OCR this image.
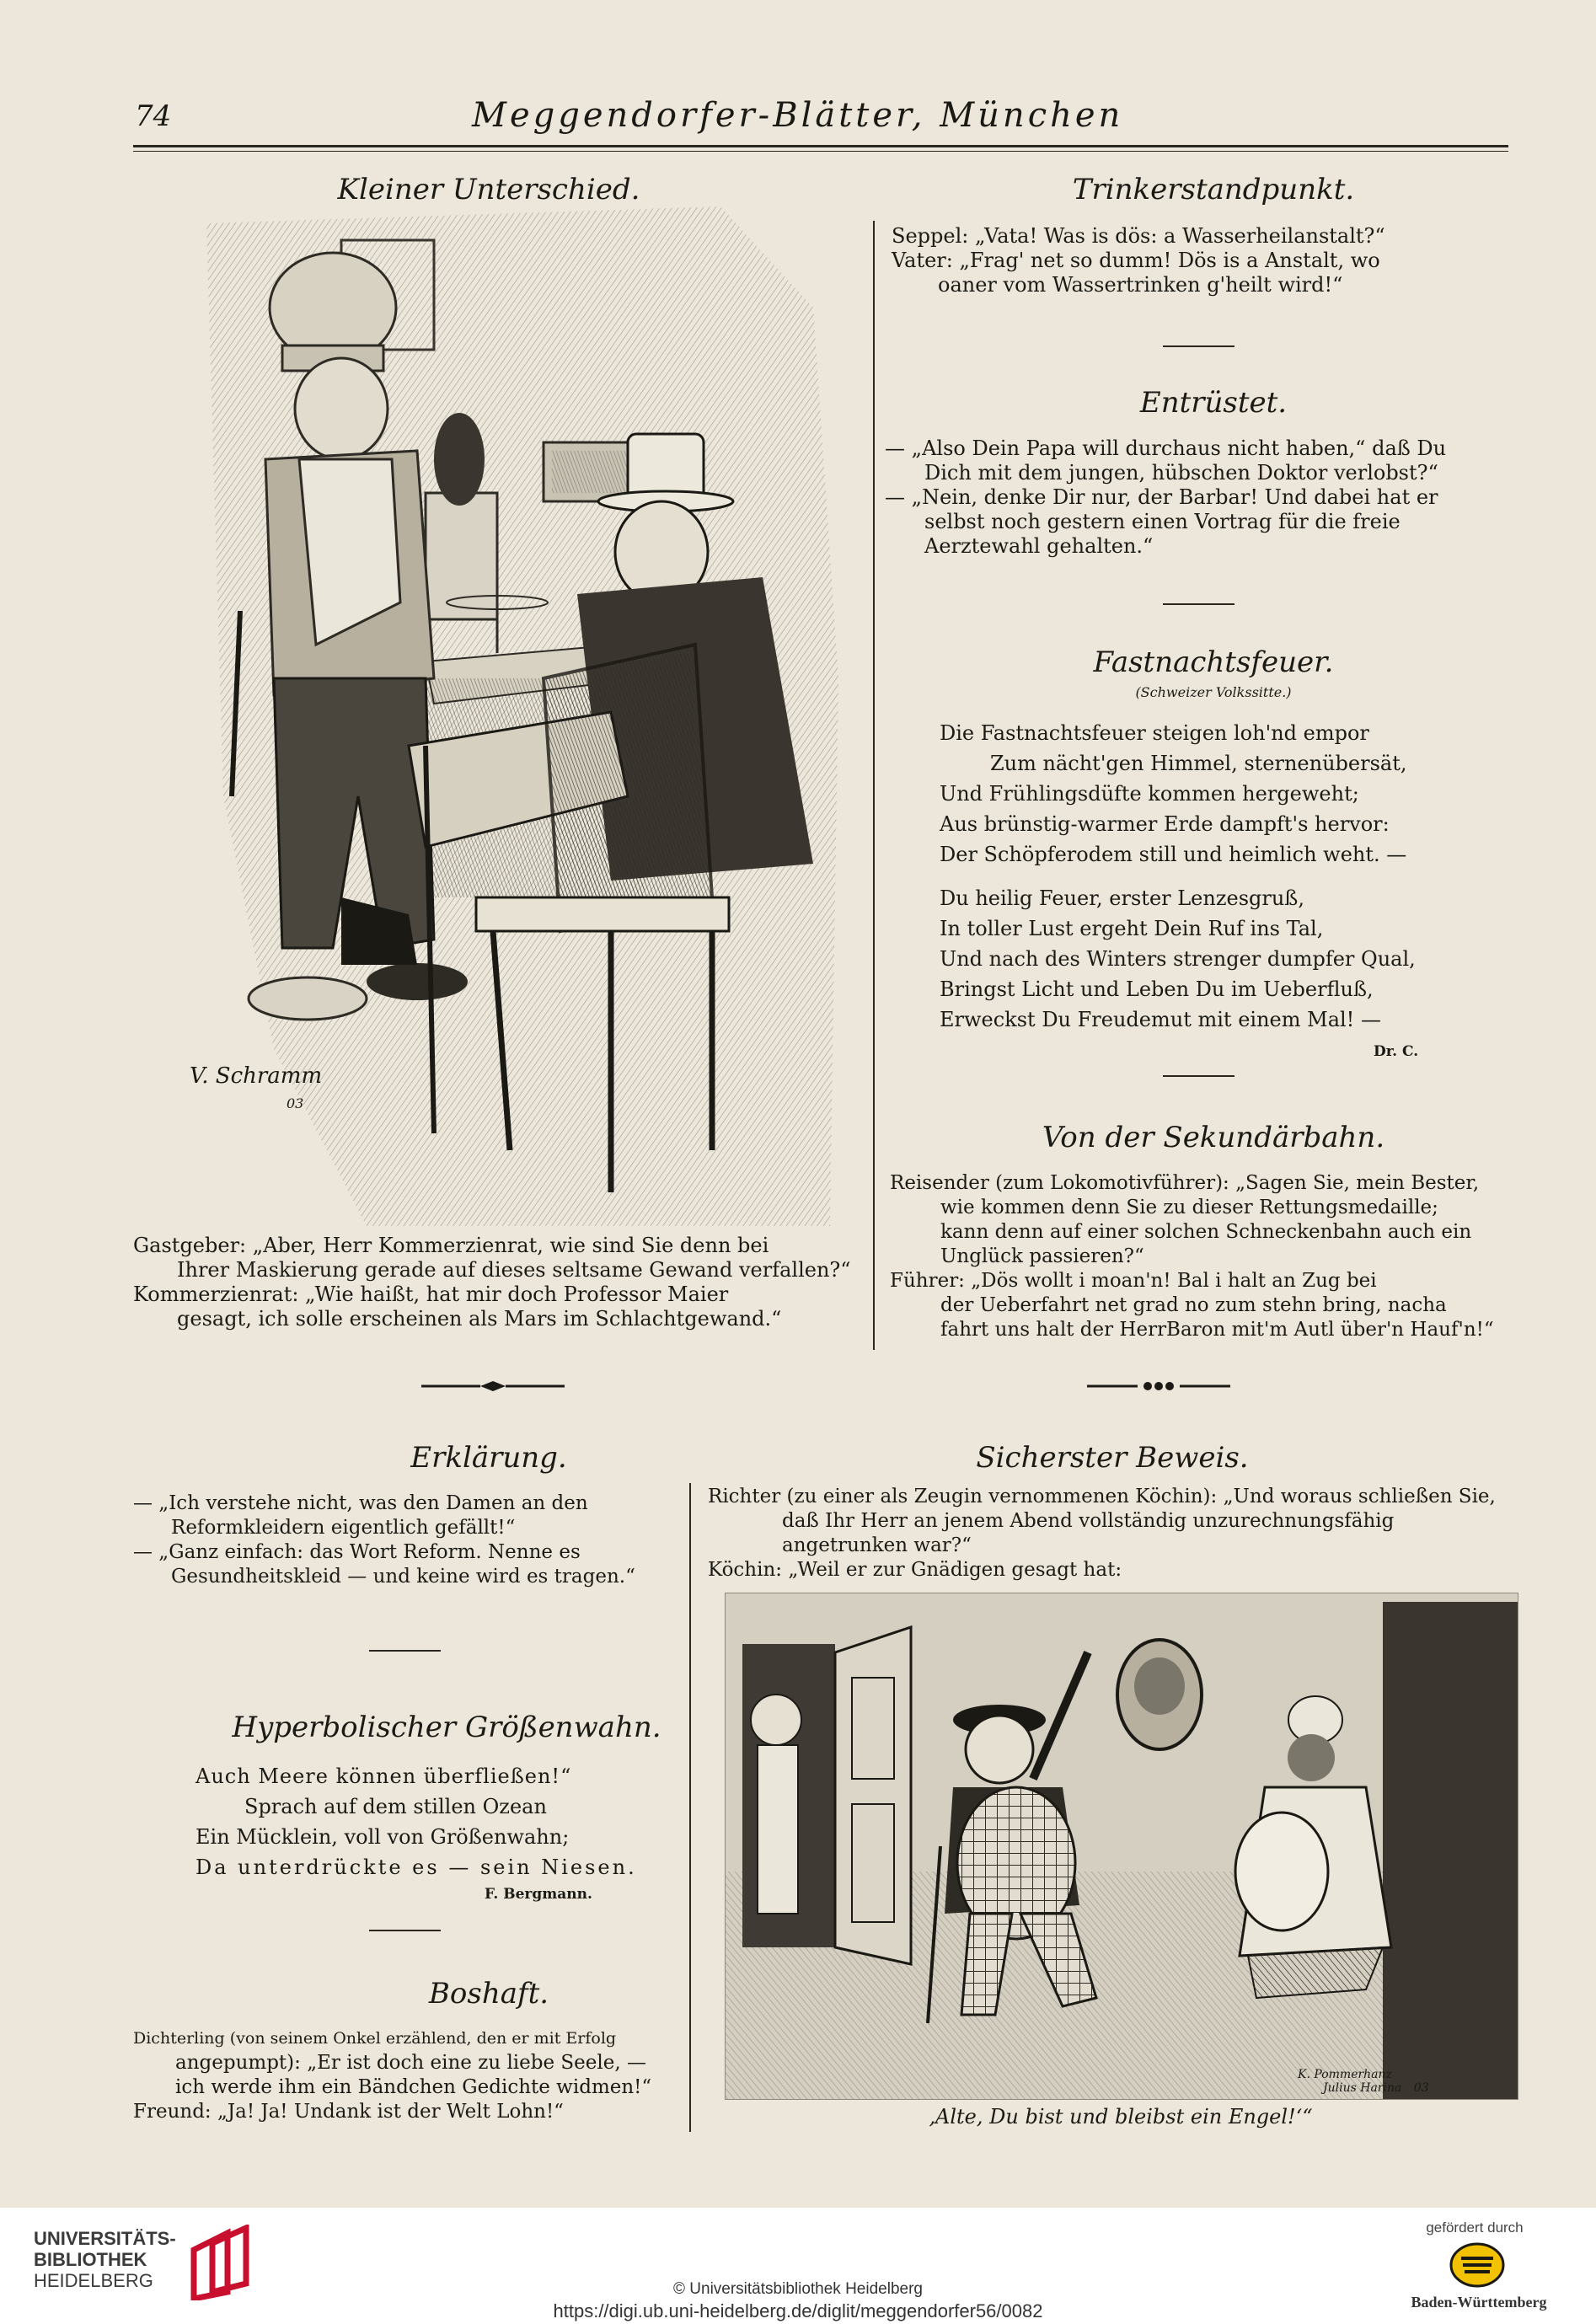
74	Meggendorfer-Blätter, München
Kleiner Unterschied.
V. Schramm
03
Gastgeber: „Aber, Herr Kommerzienrat, wie sind Sie denn bei
Ihrer Maskierung gerade auf dieses seltsame Gewand verfallen?“
Kommerzienrat: „Wie haißt, hat mir doch Professor Maier
gesagt, ich solle erscheinen als Mars im Schlachtgewand.“
Trinkerstandpunkt.
Seppel: „Vata! Was is dös: a Wasserheilanstalt?“
Vater: „Frag' net so dumm! Dös is a Anstalt, wo
oaner vom Wassertrinken g'heilt wird!“
Entrüstet.
— „Also Dein Papa will durchaus nicht haben,“ daß Du
Dich mit dem jungen, hübschen Doktor verlobst?“
— „Nein, denke Dir nur, der Barbar! Und dabei hat er
selbst noch gestern einen Vortrag für die freie
Aerztewahl gehalten.“
Fastnachtsfeuer.
(Schweizer Volkssitte.)
Die Fastnachtsfeuer steigen loh'nd empor
Zum nächt'gen Himmel, sternenübersät,
Und Frühlingsdüfte kommen hergeweht;
Aus brünstig-warmer Erde dampft's hervor:
Der Schöpferodem still und heimlich weht. —
Du heilig Feuer, erster Lenzesgruß,
In toller Lust ergeht Dein Ruf ins Tal,
Und nach des Winters strenger dumpfer Qual,
Bringst Licht und Leben Du im Ueberfluß,
Erweckst Du Freudemut mit einem Mal! —
Dr. C.
Von der Sekundärbahn.
Reisender (zum Lokomotivführer): „Sagen Sie, mein Bester,
wie kommen denn Sie zu dieser Rettungsmedaille;
kann denn auf einer solchen Schneckenbahn auch ein
Unglück passieren?“
Führer: „Dös wollt i moan'n! Bal i halt an Zug bei
der Ueberfahrt net grad no zum stehn bring, nacha
fahrt uns halt der HerrBaron mit'm Autl über'n Hauf'n!“
Erklärung.
— „Ich verstehe nicht, was den Damen an den
Reformkleidern eigentlich gefällt!“
— „Ganz einfach: das Wort Reform. Nenne es
Gesundheitskleid — und keine wird es tragen.“
Hyperbolischer Größenwahn.
Auch Meere können überfließen!“
Sprach auf dem stillen Ozean
Ein Mücklein, voll von Größenwahn;
Da unterdrückte es — sein Niesen.
F. Bergmann.
Boshaft.
Dichterling (von seinem Onkel erzählend, den er mit Erfolg
angepumpt): „Er ist doch eine zu liebe Seele, —
ich werde ihm ein Bändchen Gedichte widmen!“
Freund: „Ja! Ja! Undank ist der Welt Lohn!“
Sicherster Beweis.
Richter (zu einer als Zeugin vernommenen Köchin): „Und woraus schließen Sie,
daß Ihr Herr an jenem Abend vollständig unzurechnungsfähig
angetrunken war?“
Köchin: „Weil er zur Gnädigen gesagt hat:
K. Pommerhanz
Julius Harina 03
‚Alte, Du bist und bleibst ein Engel!‘“
UNIVERSITÄTS-
BIBLIOTHEK
HEIDELBERG	© Universitätsbibliothek Heidelberg
https://digi.ub.uni-heidelberg.de/diglit/meggendorfer56/0082
gefördert durch
Baden-Württemberg
